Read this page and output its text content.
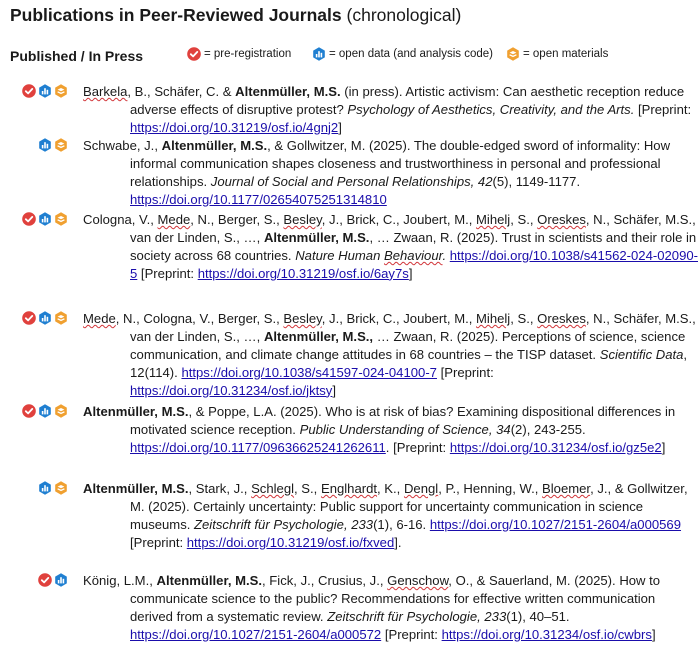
Publications in Peer-Reviewed Journals (chronological)
Published / In Press	= pre-registration	= open data (and analysis code)	= open materials
Barkela, B., Schäfer, C. & Altenmüller, M.S. (in press). Artistic activism: Can aesthetic reception reduce adverse effects of disruptive protest? Psychology of Aesthetics, Creativity, and the Arts. [Preprint: https://doi.org/10.31219/osf.io/4gnj2]
Schwabe, J., Altenmüller, M.S., & Gollwitzer, M. (2025). The double-edged sword of informality: How informal communication shapes closeness and trustworthiness in personal and professional relationships. Journal of Social and Personal Relationships, 42(5), 1149-1177. https://doi.org/10.1177/02654075251314810
Cologna, V., Mede, N., Berger, S., Besley, J., Brick, C., Joubert, M., Mihelj, S., Oreskes, N., Schäfer, M.S., van der Linden, S., …, Altenmüller, M.S., … Zwaan, R. (2025). Trust in scientists and their role in society across 68 countries. Nature Human Behaviour. https://doi.org/10.1038/s41562-024-02090-5 [Preprint: https://doi.org/10.31219/osf.io/6ay7s]
Mede, N., Cologna, V., Berger, S., Besley, J., Brick, C., Joubert, M., Mihelj, S., Oreskes, N., Schäfer, M.S., van der Linden, S., …, Altenmüller, M.S., … Zwaan, R. (2025). Perceptions of science, science communication, and climate change attitudes in 68 countries – the TISP dataset. Scientific Data, 12(114). https://doi.org/10.1038/s41597-024-04100-7 [Preprint: https://doi.org/10.31234/osf.io/jktsy]
Altenmüller, M.S., & Poppe, L.A. (2025). Who is at risk of bias? Examining dispositional differences in motivated science reception. Public Understanding of Science, 34(2), 243-255. https://doi.org/10.1177/09636625241262611. [Preprint: https://doi.org/10.31234/osf.io/gz5e2]
Altenmüller, M.S., Stark, J., Schlegl, S., Englhardt, K., Dengl, P., Henning, W., Bloemer, J., & Gollwitzer, M. (2025). Certainly uncertainty: Public support for uncertainty communication in science museums. Zeitschrift für Psychologie, 233(1), 6-16. https://doi.org/10.1027/2151-2604/a000569 [Preprint: https://doi.org/10.31219/osf.io/fxved].
König, L.M., Altenmüller, M.S., Fick, J., Crusius, J., Genschow, O., & Sauerland, M. (2025). How to communicate science to the public? Recommendations for effective written communication derived from a systematic review. Zeitschrift für Psychologie, 233(1), 40–51. https://doi.org/10.1027/2151-2604/a000572 [Preprint: https://doi.org/10.31234/osf.io/cwbrs]
